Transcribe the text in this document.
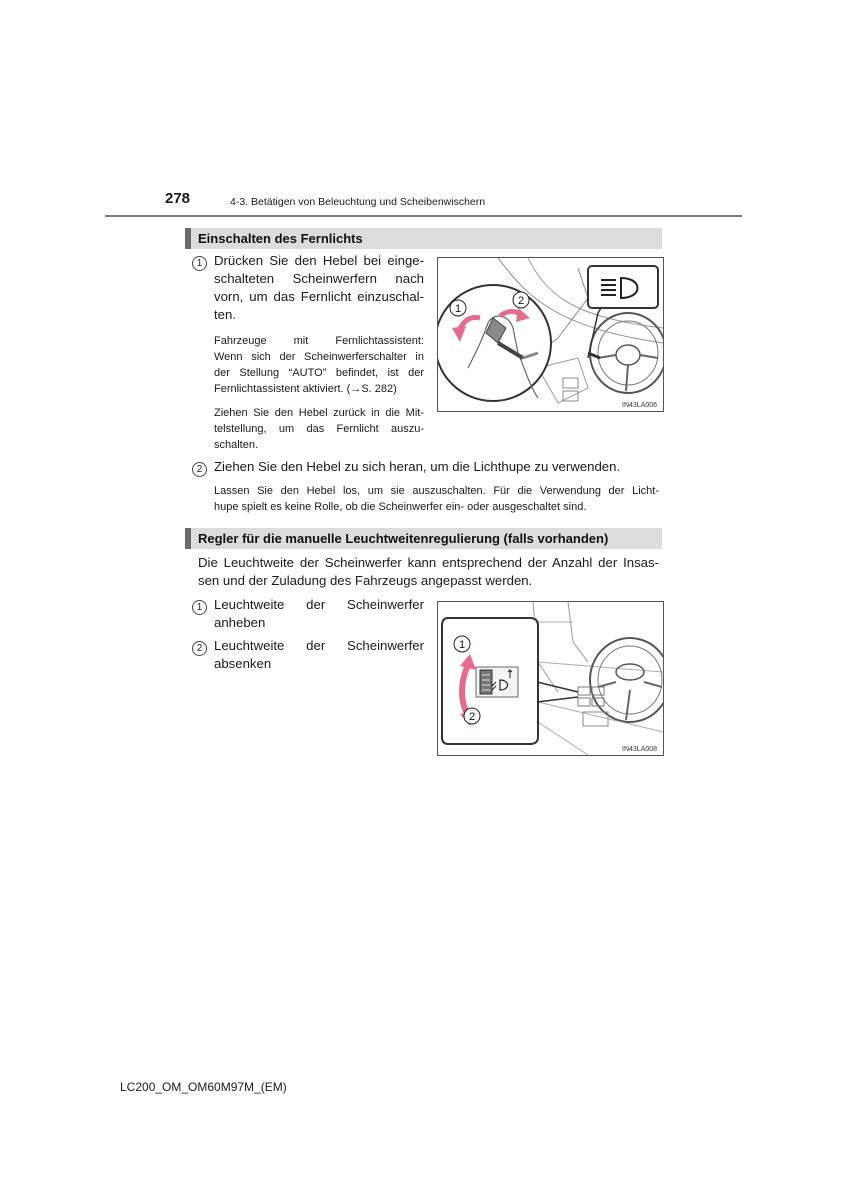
278	4-3. Betätigen von Beleuchtung und Scheibenwischern
Einschalten des Fernlichts
1 Drücken Sie den Hebel bei einge-
schalteten Scheinwerfern nach
vorn, um das Fernlicht einzuschal-
ten.
Fahrzeuge mit Fernlichtassistent:
Wenn sich der Scheinwerferschalter in
der Stellung “AUTO” befindet, ist der
Fernlichtassistent aktiviert. (→S. 282)
Ziehen Sie den Hebel zurück in die Mit-
telstellung, um das Fernlicht auszu-
schalten.
1
2
IN43LA006
2 Ziehen Sie den Hebel zu sich heran, um die Lichthupe zu verwenden.
Lassen Sie den Hebel los, um sie auszuschalten. Für die Verwendung der Licht-
hupe spielt es keine Rolle, ob die Scheinwerfer ein- oder ausgeschaltet sind.
Regler für die manuelle Leuchtweitenregulierung (falls vorhanden)
Die Leuchtweite der Scheinwerfer kann entsprechend der Anzahl der Insas-
sen und der Zuladung des Fahrzeugs angepasst werden.
1 Leuchtweite der Scheinwerfer
anheben
2 Leuchtweite der Scheinwerfer
absenken
1
2
IN43LA008
LC200_OM_OM60M97M_(EM)
